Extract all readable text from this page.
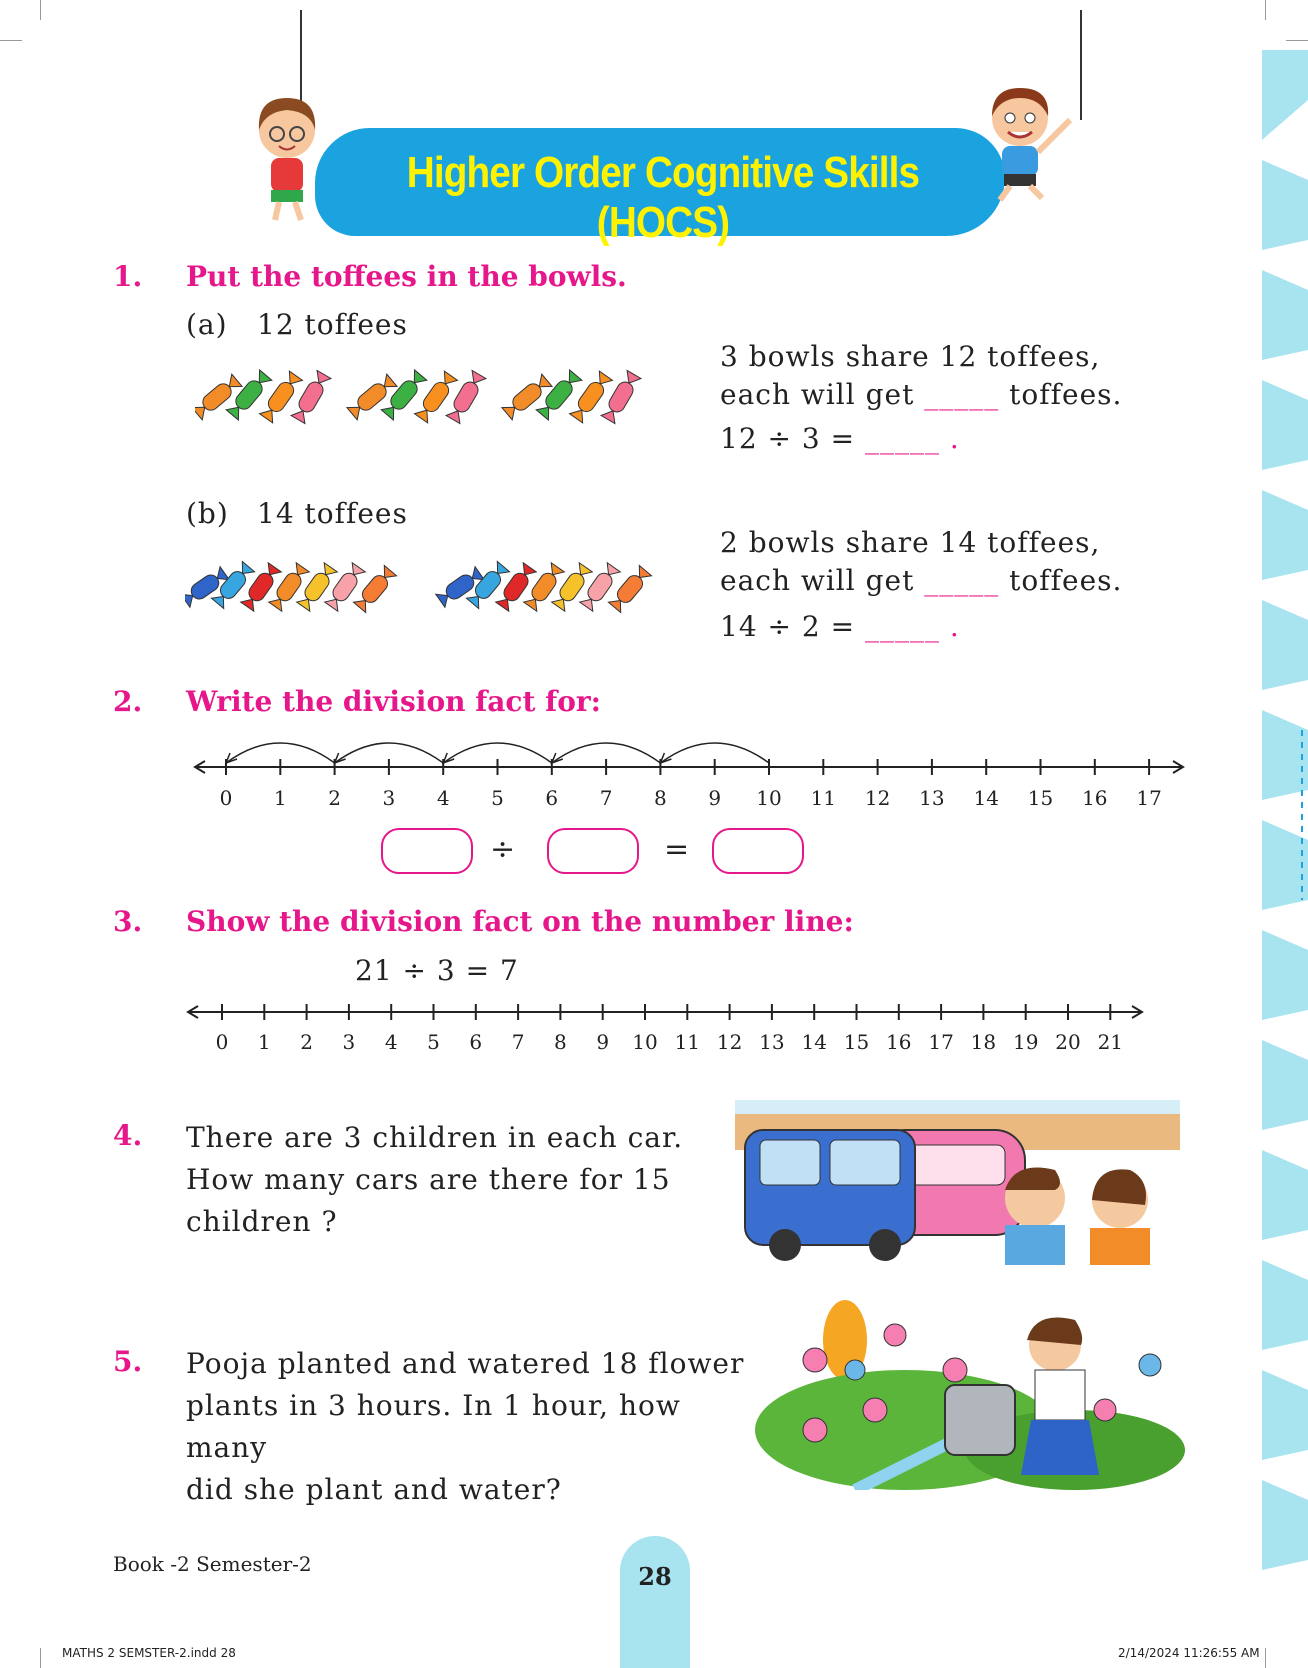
Higher Order Cognitive Skills (HOCS)
1. Put the toffees in the bowls.
(a) 12 toffees
3 bowls share 12 toffees,
each will get _____ toffees.
12 ÷ 3 = _____ .
(b) 14 toffees
2 bowls share 14 toffees,
each will get _____ toffees.
14 ÷ 2 = _____ .
2. Write the division fact for:
0 1 2 3 4 5 6 7 8 9 10 11 12 13 14 15 16 17
÷	=
3. Show the division fact on the number line:
21 ÷ 3 = 7
0 1 2 3 4 5 6 7 8 9 10 11 12 13 14 15 16 17 18 19 20 21
4. There are 3 children in each car.
How many cars are there for 15
children ?
5. Pooja planted and watered 18 flower
plants in 3 hours. In 1 hour, how many
did she plant and water?
Book -2 Semester-2	28
MATHS 2 SEMSTER-2.indd 28	2/14/2024 11:26:55 AM
